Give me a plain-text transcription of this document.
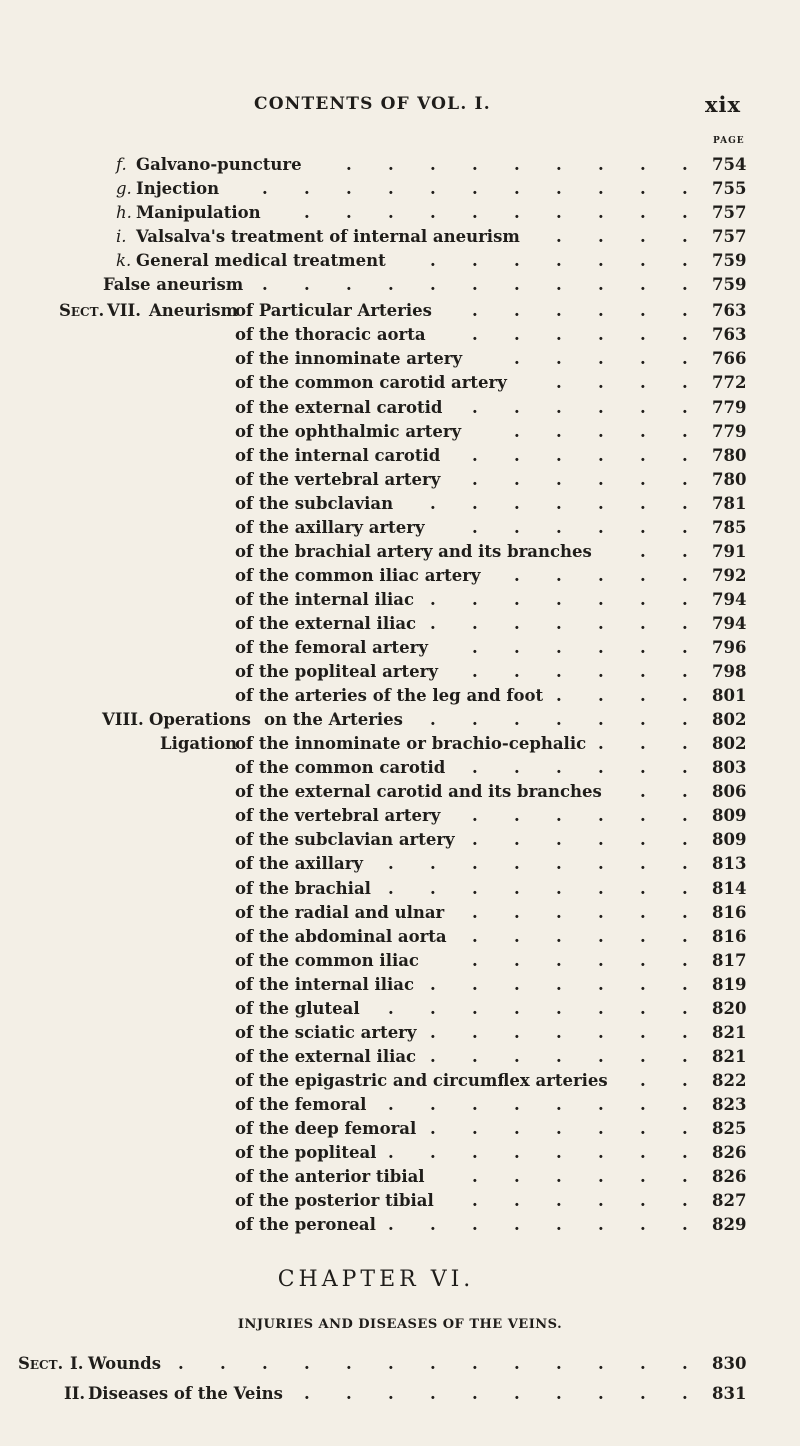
CONTENTS OF VOL. I.	xix
PAGE
f. Galvano-puncture	754
. . . . . . . . .
g. Injection	755
. . . . . . . . . . .
h. Manipulation	757
. . . . . . . . . .
i. Valsalva's treatment of internal aneurism	757
. . . .
k. General medical treatment	759
. . . . . . .
False aneurism	759
. . . . . . . . . . .
Sect. VII. Aneurism
of Particular Arteries	763
. . . . . .
of the thoracic aorta	763
. . . . . .
of the innominate artery	766
. . . . .
of the common carotid artery	772
. . . .
of the external carotid	779
. . . . . .
of the ophthalmic artery	779
. . . . .
of the internal carotid	780
. . . . . .
of the vertebral artery	780
. . . . . .
of the subclavian	781
. . . . . . .
of the axillary artery	785
. . . . . .
of the brachial artery and its branches	791
. .
of the common iliac artery	792
. . . . .
of the internal iliac	794
. . . . . . .
of the external iliac	794
. . . . . . .
of the femoral artery	796
. . . . . .
of the popliteal artery	798
. . . . . .
of the arteries of the leg and foot	801
. . . .
VIII. Operations on the Arteries	802
. . . . . . .
Ligation
of the innominate or brachio-cephalic	802
. . .
of the common carotid	803
. . . . . .
of the external carotid and its branches	806
. .
of the vertebral artery	809
. . . . . .
of the subclavian artery	809
. . . . . .
of the axillary	813
. . . . . . . .
of the brachial	814
. . . . . . . .
of the radial and ulnar	816
. . . . . .
of the abdominal aorta	816
. . . . . .
of the common iliac	817
. . . . . .
of the internal iliac	819
. . . . . . .
of the gluteal	820
. . . . . . . .
of the sciatic artery	821
. . . . . . .
of the external iliac	821
. . . . . . .
of the epigastric and circumflex arteries	822
. .
of the femoral	823
. . . . . . . .
of the deep femoral	825
. . . . . . .
of the popliteal	826
. . . . . . . .
of the anterior tibial	826
. . . . . .
of the posterior tibial	827
. . . . . .
of the peroneal	829
. . . . . . . .
CHAPTER VI.
INJURIES AND DISEASES OF THE VEINS.
Sect. I. Wounds	830
. . . . . . . . . . . . .
II. Diseases of the Veins	831
. . . . . . . . . .
